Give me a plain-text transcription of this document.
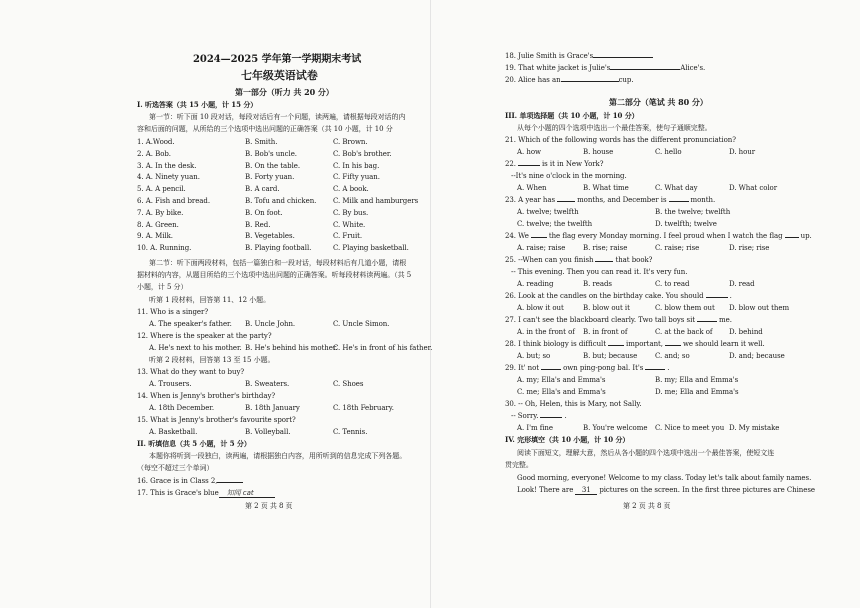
2024—2025 学年第一学期期末考试
七年级英语试卷
第一部分（听力 共 20 分）
I. 听选答案（共 15 小题，计 15 分）
第一节：听下面 10 段对话，每段对话后有一个问题，读两遍，请根据每段对话的内
容和后面的问题，从所给的三个选项中选出问题的正确答案（共 10 小题，计 10 分
1. A.Wood.	B. Smith.	C. Brown.
2. A. Bob.	B. Bob's uncle.	C. Bob's brother.
3. A. In the desk.	B. On the table.	C. In his bag.
4. A. Ninety yuan.	B. Forty yuan.	C. Fifty yuan.
5. A. A pencil.	B. A card.	C. A book.
6. A. Fish and bread.	B. Tofu and chicken. C. Milk and hamburgers
7. A. By bike.	B. On foot.	C. By bus.
8. A. Green.	B. Red.	C. White.
9. A. Milk.	B. Vegetables.	C. Fruit.
10. A. Running.	B. Playing football.	C. Playing basketball.
第二节：听下面两段材料，包括一篇独白和一段对话，每段材料后有几道小题，请根
据材料的内容，从题目所给的三个选项中选出问题的正确答案。听每段材料读两遍。（共 5
小题，计 5 分）
听第 1 段材料，回答第 11、12 小题。
11. Who is a singer?
A. The speaker's father. B. Uncle John.	C. Uncle Simon.
12. Where is the speaker at the party?
A. He's next to his mother. B. He's behind his mother.
C. He's in front of his father.
听第 2 段材料，回答第 13 至 15 小题。
13. What do they want to buy?
A. Trousers.	B. Sweaters.	C. Shoes
14. When is Jenny's brother's birthday?
A. 18th December.	B. 18th January	C. 18th February.
15. What is Jenny's brother's favourite sport?
A. Basketball.	B. Volleyball.	C. Tennis.
II. 听填信息（共 5 小题，计 5 分）
本题你将听到一段独白，读两遍，请根据独白内容，用所听到的信息完成下列各题。
（每空不超过三个单词）
16. Grace is in Class 2,
17. This is Grace's blue 知闻 cat
第 2 页 共 8 页
18. Julie Smith is Grace's
19. That white jacket is Julie's	Alice's.
20. Alice has an	cup.
第二部分（笔试 共 80 分）
III. 单项选择题（共 10 小题，计 10 分）
从每个小题的四个选项中选出一个最佳答案，使句子通顺完整。
21. Which of the following words has the different pronunciation?
A. how	B. house	C. hello	D. hour
22.	is it in New York?
--It's nine o'clock in the morning.
A. When	B. What time	C. What day	D. What color
23. A year has	months, and December is	month.
A. twelve; twelfth	B. the twelve; twelfth
C. twelve; the twelfth	D. twelfth; twelve
24. We	the flag every Monday morning. I feel proud when I watch the flag	up.
A. raise; raise	B. rise; raise	C. raise; rise	D. rise; rise
25. --When can you finish	that book?
-- This evening. Then you can read it. It's very fun.
A. reading	B. reads	C. to read	D. read
26. Look at the candles on the birthday cake. You should	.
A. blow it out	B. blow out it	C. blow them out D. blow out them
27. I can't see the blackboard clearly. Two tall boys sit	me.
A. in the front of B. in front of	C. at the back of D. behind
28. I think biology is difficult	important,	we should learn it well.
A. but; so	B. but; because	C. and; so	D. and; because
29. It' not	own ping-pong bal. It's	.
A. my; Ella's and Emma's	B. my; Ella and Emma's
C. me; Ella's and Emma's	D. me; Ella and Emma's
30. -- Oh, Helen, this is Mary, not Sally.
-- Sorry.	.
A. I'm fine	B. You're welcome C. Nice to meet you D. My mistake
IV. 完形填空（共 10 小题，计 10 分）
阅读下面短文，理解大意，然后从各小题的四个选项中选出一个最佳答案，使短文连
贯完整。
Good morning, everyone! Welcome to my class. Today let's talk about family names.
Look! There are 31 pictures on the screen. In the first three pictures are Chinese
第 2 页 共 8 页
